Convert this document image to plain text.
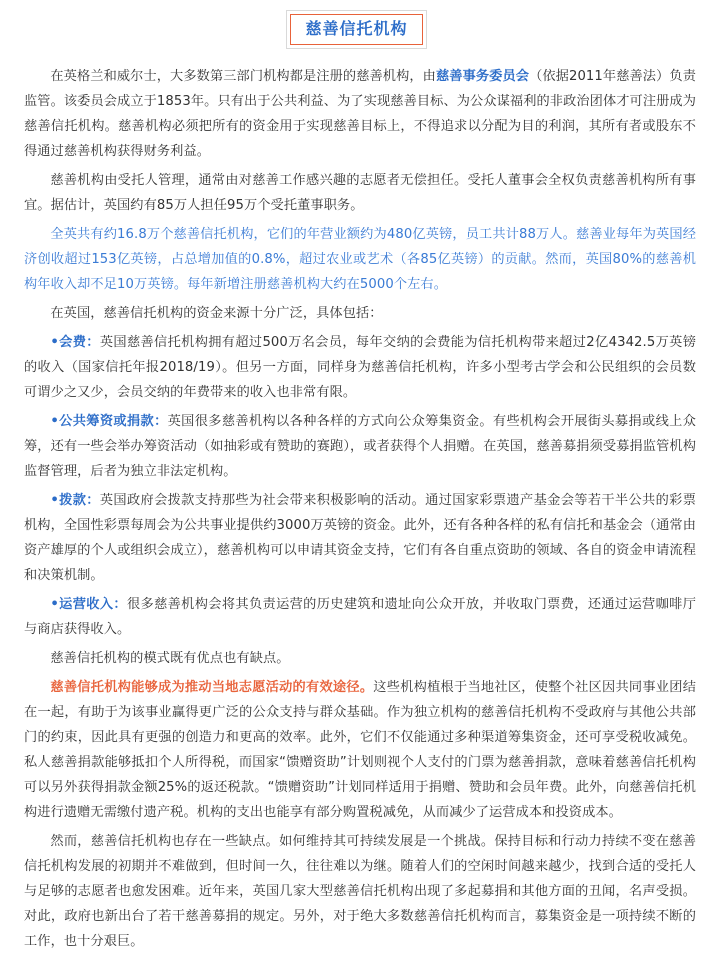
慈善信托机构

在英格兰和威尔士，大多数第三部门机构都是注册的慈善机构，由慈善事务委员会（依据2011年慈善法）负责监管。该委员会成立于1853年。只有出于公共利益、为了实现慈善目标、为公众谋福利的非政治团体才可注册成为慈善信托机构。慈善机构必须把所有的资金用于实现慈善目标上，不得追求以分配为目的利润，其所有者或股东不得通过慈善机构获得财务利益。

慈善机构由受托人管理，通常由对慈善工作感兴趣的志愿者无偿担任。受托人董事会全权负责慈善机构所有事宜。据估计，英国约有85万人担任95万个受托董事职务。

全英共有约16.8万个慈善信托机构，它们的年营业额约为480亿英镑，员工共计88万人。慈善业每年为英国经济创收超过153亿英镑，占总增加值的0.8%，超过农业或艺术（各85亿英镑）的贡献。然而，英国80%的慈善机构年收入却不足10万英镑。每年新增注册慈善机构大约在5000个左右。

在英国，慈善信托机构的资金来源十分广泛，具体包括：

•会费：英国慈善信托机构拥有超过500万名会员，每年交纳的会费能为信托机构带来超过2亿4342.5万英镑的收入（国家信托年报2018/19）。但另一方面，同样身为慈善信托机构，许多小型考古学会和公民组织的会员数可谓少之又少，会员交纳的年费带来的收入也非常有限。

•公共筹资或捐款：英国很多慈善机构以各种各样的方式向公众筹集资金。有些机构会开展街头募捐或线上众筹，还有一些会举办筹资活动（如抽彩或有赞助的赛跑），或者获得个人捐赠。在英国，慈善募捐须受募捐监管机构监督管理，后者为独立非法定机构。

•拨款：英国政府会拨款支持那些为社会带来积极影响的活动。通过国家彩票遗产基金会等若干半公共的彩票机构，全国性彩票每周会为公共事业提供约3000万英镑的资金。此外，还有各种各样的私有信托和基金会（通常由资产雄厚的个人或组织会成立），慈善机构可以申请其资金支持，它们有各自重点资助的领域、各自的资金申请流程和决策机制。

•运营收入：很多慈善机构会将其负责运营的历史建筑和遗址向公众开放，并收取门票费，还通过运营咖啡厅与商店获得收入。

慈善信托机构的模式既有优点也有缺点。

慈善信托机构能够成为推动当地志愿活动的有效途径。这些机构植根于当地社区，使整个社区因共同事业团结在一起，有助于为该事业赢得更广泛的公众支持与群众基础。作为独立机构的慈善信托机构不受政府与其他公共部门的约束，因此具有更强的创造力和更高的效率。此外，它们不仅能通过多种渠道筹集资金，还可享受税收减免。私人慈善捐款能够抵扣个人所得税，而国家“馈赠资助”计划则视个人支付的门票为慈善捐款，意味着慈善信托机构可以另外获得捐款金额25%的返还税款。“馈赠资助”计划同样适用于捐赠、赞助和会员年费。此外，向慈善信托机构进行遗赠无需缴付遗产税。机构的支出也能享有部分购置税减免，从而减少了运营成本和投资成本。

然而，慈善信托机构也存在一些缺点。如何维持其可持续发展是一个挑战。保持目标和行动力持续不变在慈善信托机构发展的初期并不难做到，但时间一久，往往难以为继。随着人们的空闲时间越来越少，找到合适的受托人与足够的志愿者也愈发困难。近年来，英国几家大型慈善信托机构出现了多起募捐和其他方面的丑闻，名声受损。对此，政府也新出台了若干慈善募捐的规定。另外，对于绝大多数慈善信托机构而言，募集资金是一项持续不断的工作，也十分艰巨。
